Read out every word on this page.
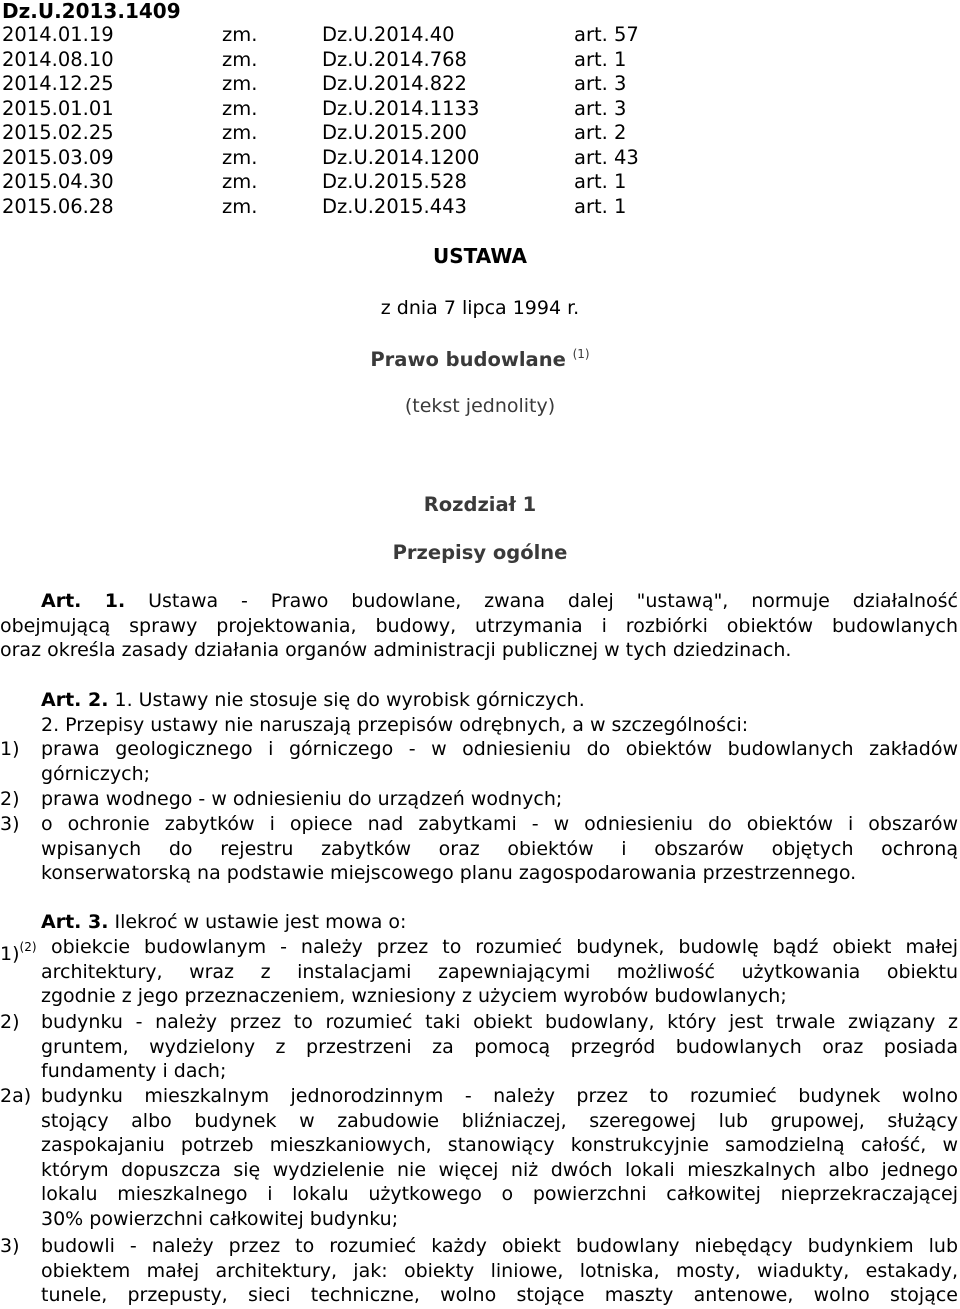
Dz.U.2013.1409
2014.01.19	zm.	Dz.U.2014.40	art. 57
2014.08.10	zm.	Dz.U.2014.768	art. 1
2014.12.25	zm.	Dz.U.2014.822	art. 3
2015.01.01	zm.	Dz.U.2014.1133	art. 3
2015.02.25	zm.	Dz.U.2015.200	art. 2
2015.03.09	zm.	Dz.U.2014.1200	art. 43
2015.04.30	zm.	Dz.U.2015.528	art. 1
2015.06.28	zm.	Dz.U.2015.443	art. 1
USTAWA
z dnia 7 lipca 1994 r.
Prawo budowlane $^{(1)}$
(tekst jednolity)
Rozdział 1
Przepisy ogólne
Art. 1. Ustawa - Prawo budowlane, zwana dalej "ustawą", normuje działalność
obejmującą sprawy projektowania, budowy, utrzymania i rozbiórki obiektów budowlanych
oraz określa zasady działania organów administracji publicznej w tych dziedzinach.
Art. 2. 1. Ustawy nie stosuje się do wyrobisk górniczych.
2. Przepisy ustawy nie naruszają przepisów odrębnych, a w szczególności:
1) prawa geologicznego i górniczego - w odniesieniu do obiektów budowlanych zakładów
górniczych;
2) prawa wodnego - w odniesieniu do urządzeń wodnych;
3) o ochronie zabytków i opiece nad zabytkami - w odniesieniu do obiektów i obszarów
wpisanych do rejestru zabytków oraz obiektów i obszarów objętych ochroną
konserwatorską na podstawie miejscowego planu zagospodarowania przestrzennego.
Art. 3. Ilekroć w ustawie jest mowa o:
1)$^{(2)}$ obiekcie budowlanym - należy przez to rozumieć budynek, budowlę bądź obiekt małej
architektury, wraz z instalacjami zapewniającymi możliwość użytkowania obiektu
zgodnie z jego przeznaczeniem, wzniesiony z użyciem wyrobów budowlanych;
2) budynku - należy przez to rozumieć taki obiekt budowlany, który jest trwale związany z
gruntem, wydzielony z przestrzeni za pomocą przegród budowlanych oraz posiada
fundamenty i dach;
2a) budynku mieszkalnym jednorodzinnym - należy przez to rozumieć budynek wolno
stojący albo budynek w zabudowie bliźniaczej, szeregowej lub grupowej, służący
zaspokajaniu potrzeb mieszkaniowych, stanowiący konstrukcyjnie samodzielną całość, w
którym dopuszcza się wydzielenie nie więcej niż dwóch lokali mieszkalnych albo jednego
lokalu mieszkalnego i lokalu użytkowego o powierzchni całkowitej nieprzekraczającej
30% powierzchni całkowitej budynku;
3) budowli - należy przez to rozumieć każdy obiekt budowlany niebędący budynkiem lub
obiektem małej architektury, jak: obiekty liniowe, lotniska, mosty, wiadukty, estakady,
tunele, przepusty, sieci techniczne, wolno stojące maszty antenowe, wolno stojące
